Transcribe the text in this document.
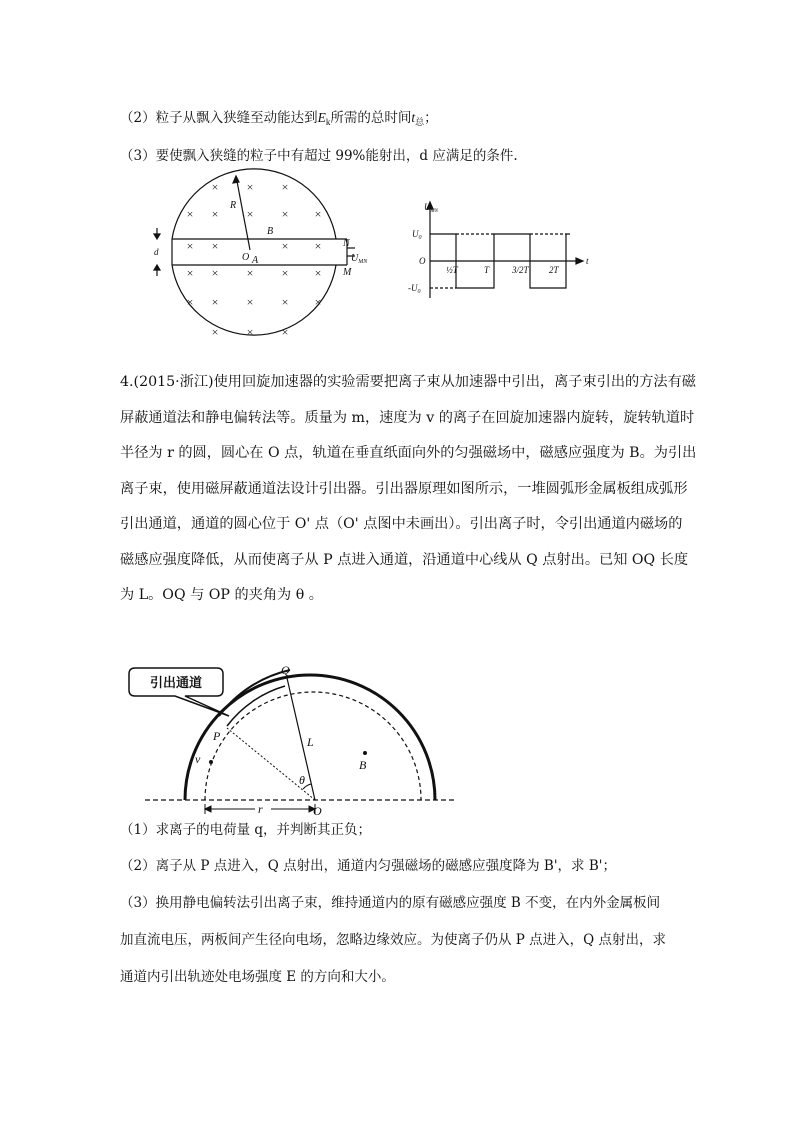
（2）粒子从飘入狭缝至动能达到$E_k$所需的总时间$t_总$；
（3）要使飘入狭缝的粒子中有超过 99%能射出，d 应满足的条件.
× × ×
× × × × ×
× ×	× ×
× × × × ×
× × × × ×
× × ×
R
B
O A
d
N
M
$U_{MN}$
$U_{MN}$
$U_0$
O
$-U_0$
t
½T	T	3/2T 2T
4.(2015·浙江)使用回旋加速器的实验需要把离子束从加速器中引出，离子束引出的方法有磁
屏蔽通道法和静电偏转法等。质量为 m，速度为 v 的离子在回旋加速器内旋转，旋转轨道时
半径为 r 的圆，圆心在 O 点，轨道在垂直纸面向外的匀强磁场中，磁感应强度为 B。为引出
离子束，使用磁屏蔽通道法设计引出器。引出器原理如图所示，一堆圆弧形金属板组成弧形
引出通道，通道的圆心位于 O' 点（O' 点图中未画出）。引出离子时，令引出通道内磁场的
磁感应强度降低，从而使离子从 P 点进入通道，沿通道中心线从 Q 点射出。已知 OQ 长度
为 L。OQ 与 OP 的夹角为 θ 。
Q
P	L
B
v
θ
r	O
引出通道
（1）求离子的电荷量 q，并判断其正负；
（2）离子从 P 点进入，Q 点射出，通道内匀强磁场的磁感应强度降为 B'，求 B'；
（3）换用静电偏转法引出离子束，维持通道内的原有磁感应强度 B 不变，在内外金属板间
加直流电压，两板间产生径向电场，忽略边缘效应。为使离子仍从 P 点进入，Q 点射出，求
通道内引出轨迹处电场强度 E 的方向和大小。
